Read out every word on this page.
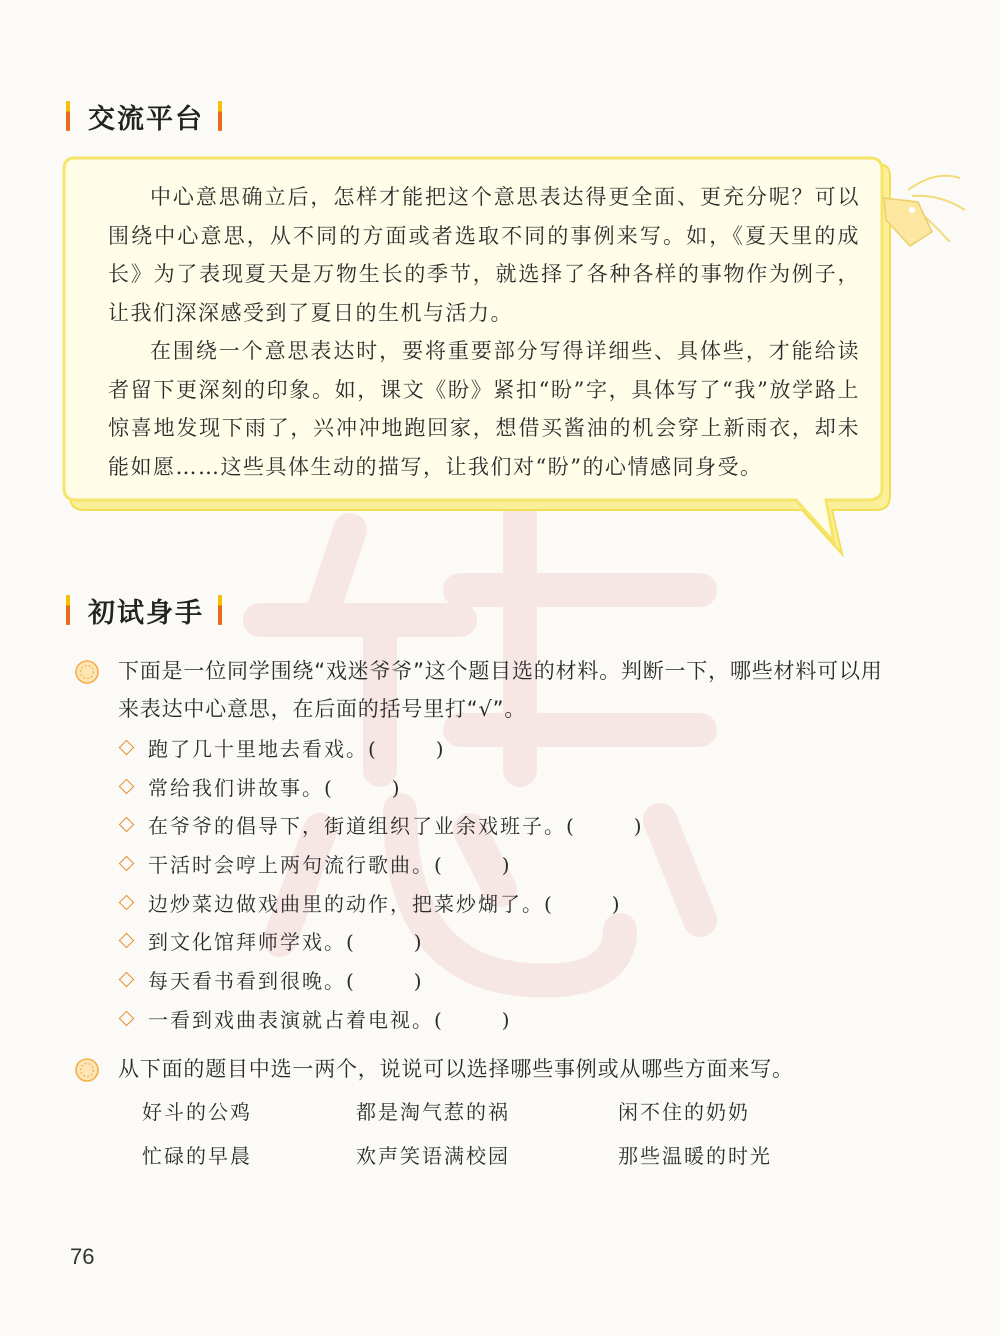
交流平台

中心意思确立后，怎样才能把这个意思表达得更全面、更充分呢？可以围绕中心意思，从不同的方面或者选取不同的事例来写。如，《夏天里的成长》为了表现夏天是万物生长的季节，就选择了各种各样的事物作为例子，让我们深深感受到了夏日的生机与活力。

在围绕一个意思表达时，要将重要部分写得详细些、具体些，才能给读者留下更深刻的印象。如，课文《盼》紧扣“盼”字，具体写了“我”放学路上惊喜地发现下雨了，兴冲冲地跑回家，想借买酱油的机会穿上新雨衣，却未能如愿……这些具体生动的描写，让我们对“盼”的心情感同身受。

初试身手
下面是一位同学围绕“戏迷爷爷”这个题目选的材料。判断一下，哪些材料可以用来表达中心意思，在后面的括号里打“√”。
跑了几十里地去看戏。 (　　　)
常给我们讲故事。 (　　　)
在爷爷的倡导下，街道组织了业余戏班子。 (　　　)
干活时会哼上两句流行歌曲。 (　　　)
边炒菜边做戏曲里的动作，把菜炒煳了。 (　　　)
到文化馆拜师学戏。 (　　　)
每天看书看到很晚。 (　　　)
一看到戏曲表演就占着电视。 (　　　)
从下面的题目中选一两个，说说可以选择哪些事例或从哪些方面来写。
好斗的公鸡	都是淘气惹的祸	闲不住的奶奶
忙碌的早晨	欢声笑语满校园	那些温暖的时光
76
